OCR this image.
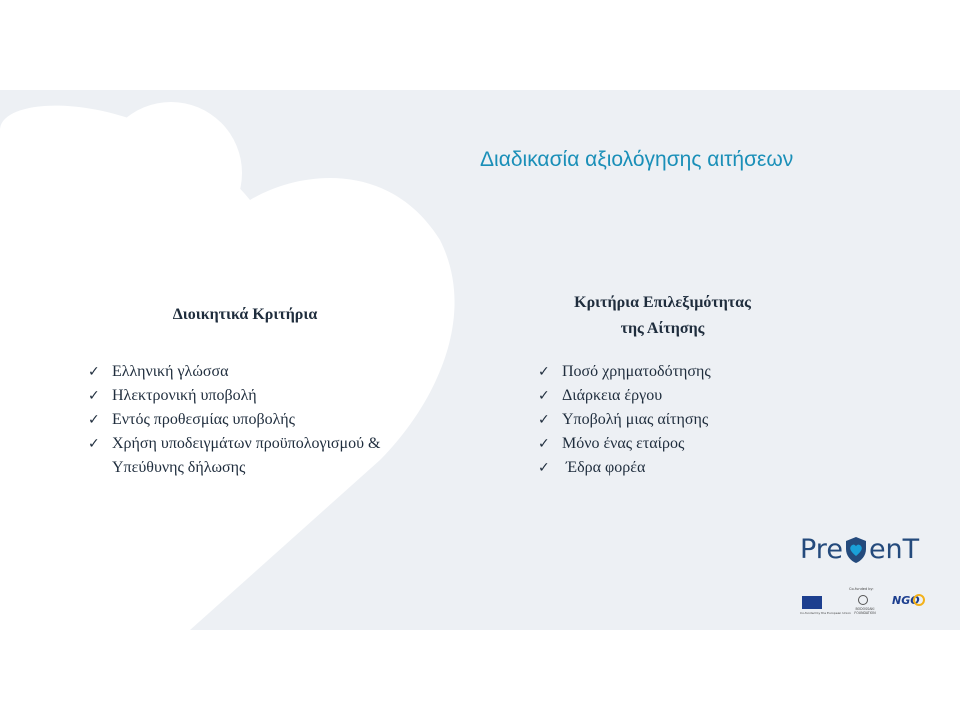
Διαδικασία αξιολόγησης αιτήσεων
Διοικητικά Κριτήρια
Κριτήρια Επιλεξιμότητας
της Αίτησης
✓ Ελληνική γλώσσα
✓ Ηλεκτρονική υποβολή
✓ Εντός προθεσμίας υποβολής
✓ Χρήση υποδειγμάτων προϋπολογισμού &
Υπεύθυνης δήλωσης
✓ Ποσό χρηματοδότησης
✓ Διάρκεια έργου
✓ Υποβολή μιας αίτησης
✓ Μόνο ένας εταίρος
✓ Έδρα φορέα
Pre enT
Co-funded by the European Union
Co-funded by:
BODOSSAKI FOUNDATION
NGO
